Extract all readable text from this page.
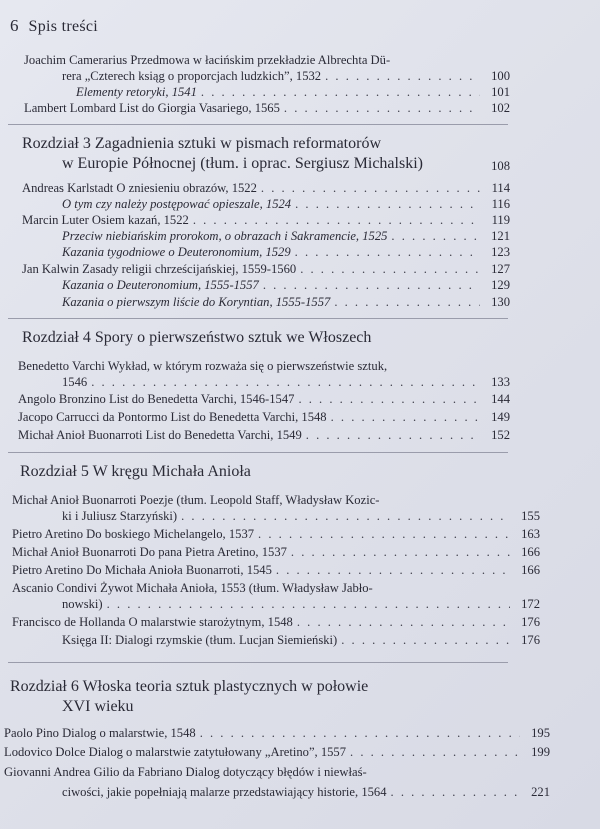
6 Spis treści
Joachim Camerarius Przedmowa w łacińskim przekładzie Albrechta Dü-
rera „Czterech ksiąg o proporcjach ludzkich”, 1532 . . .	100
Elementy retoryki, 1541 . . .	101
Lambert Lombard List do Giorgia Vasariego, 1565 . . .	102
Rozdział 3 Zagadnienia sztuki w pismach reformatorów
w Europie Północnej (tłum. i oprac. Sergiusz Michalski)	108
Andreas Karlstadt O zniesieniu obrazów, 1522 . . .	114
O tym czy należy postępować opieszale, 1524 . . .	116
Marcin Luter Osiem kazań, 1522 . . .	119
Przeciw niebiańskim prorokom, o obrazach i Sakramencie, 1525 . . .	121
Kazania tygodniowe o Deuteronomium, 1529 . . .	123
Jan Kalwin Zasady religii chrześcijańskiej, 1559-1560 . . .	127
Kazania o Deuteronomium, 1555-1557 . . .	129
Kazania o pierwszym liście do Koryntian, 1555-1557 . . .	130
Rozdział 4 Spory o pierwszeństwo sztuk we Włoszech
Benedetto Varchi Wykład, w którym rozważa się o pierwszeństwie sztuk,
1546 . . .	133
Angolo Bronzino List do Benedetta Varchi, 1546-1547 . . .	144
Jacopo Carrucci da Pontormo List do Benedetta Varchi, 1548 . . .	149
Michał Anioł Buonarroti List do Benedetta Varchi, 1549 . . .	152
Rozdział 5 W kręgu Michała Anioła
Michał Anioł Buonarroti Poezje (tłum. Leopold Staff, Władysław Kozic-
ki i Juliusz Starzyński) . . .	155
Pietro Aretino Do boskiego Michelangelo, 1537 . . .	163
Michał Anioł Buonarroti Do pana Pietra Aretino, 1537 . . .	166
Pietro Aretino Do Michała Anioła Buonarroti, 1545 . . .	166
Ascanio Condivi Żywot Michała Anioła, 1553 (tłum. Władysław Jabło-
nowski) . . .	172
Francisco de Hollanda O malarstwie starożytnym, 1548 . . .	176
Księga II: Dialogi rzymskie (tłum. Lucjan Siemieński) . . .	176
Rozdział 6 Włoska teoria sztuk plastycznych w połowie
XVI wieku
Paolo Pino Dialog o malarstwie, 1548 . . .	195
Lodovico Dolce Dialog o malarstwie zatytułowany „Aretino”, 1557 . . .	199
Giovanni Andrea Gilio da Fabriano Dialog dotyczący błędów i niewłaś-
ciwości, jakie popełniają malarze przedstawiający historie, 1564 . . .	221
